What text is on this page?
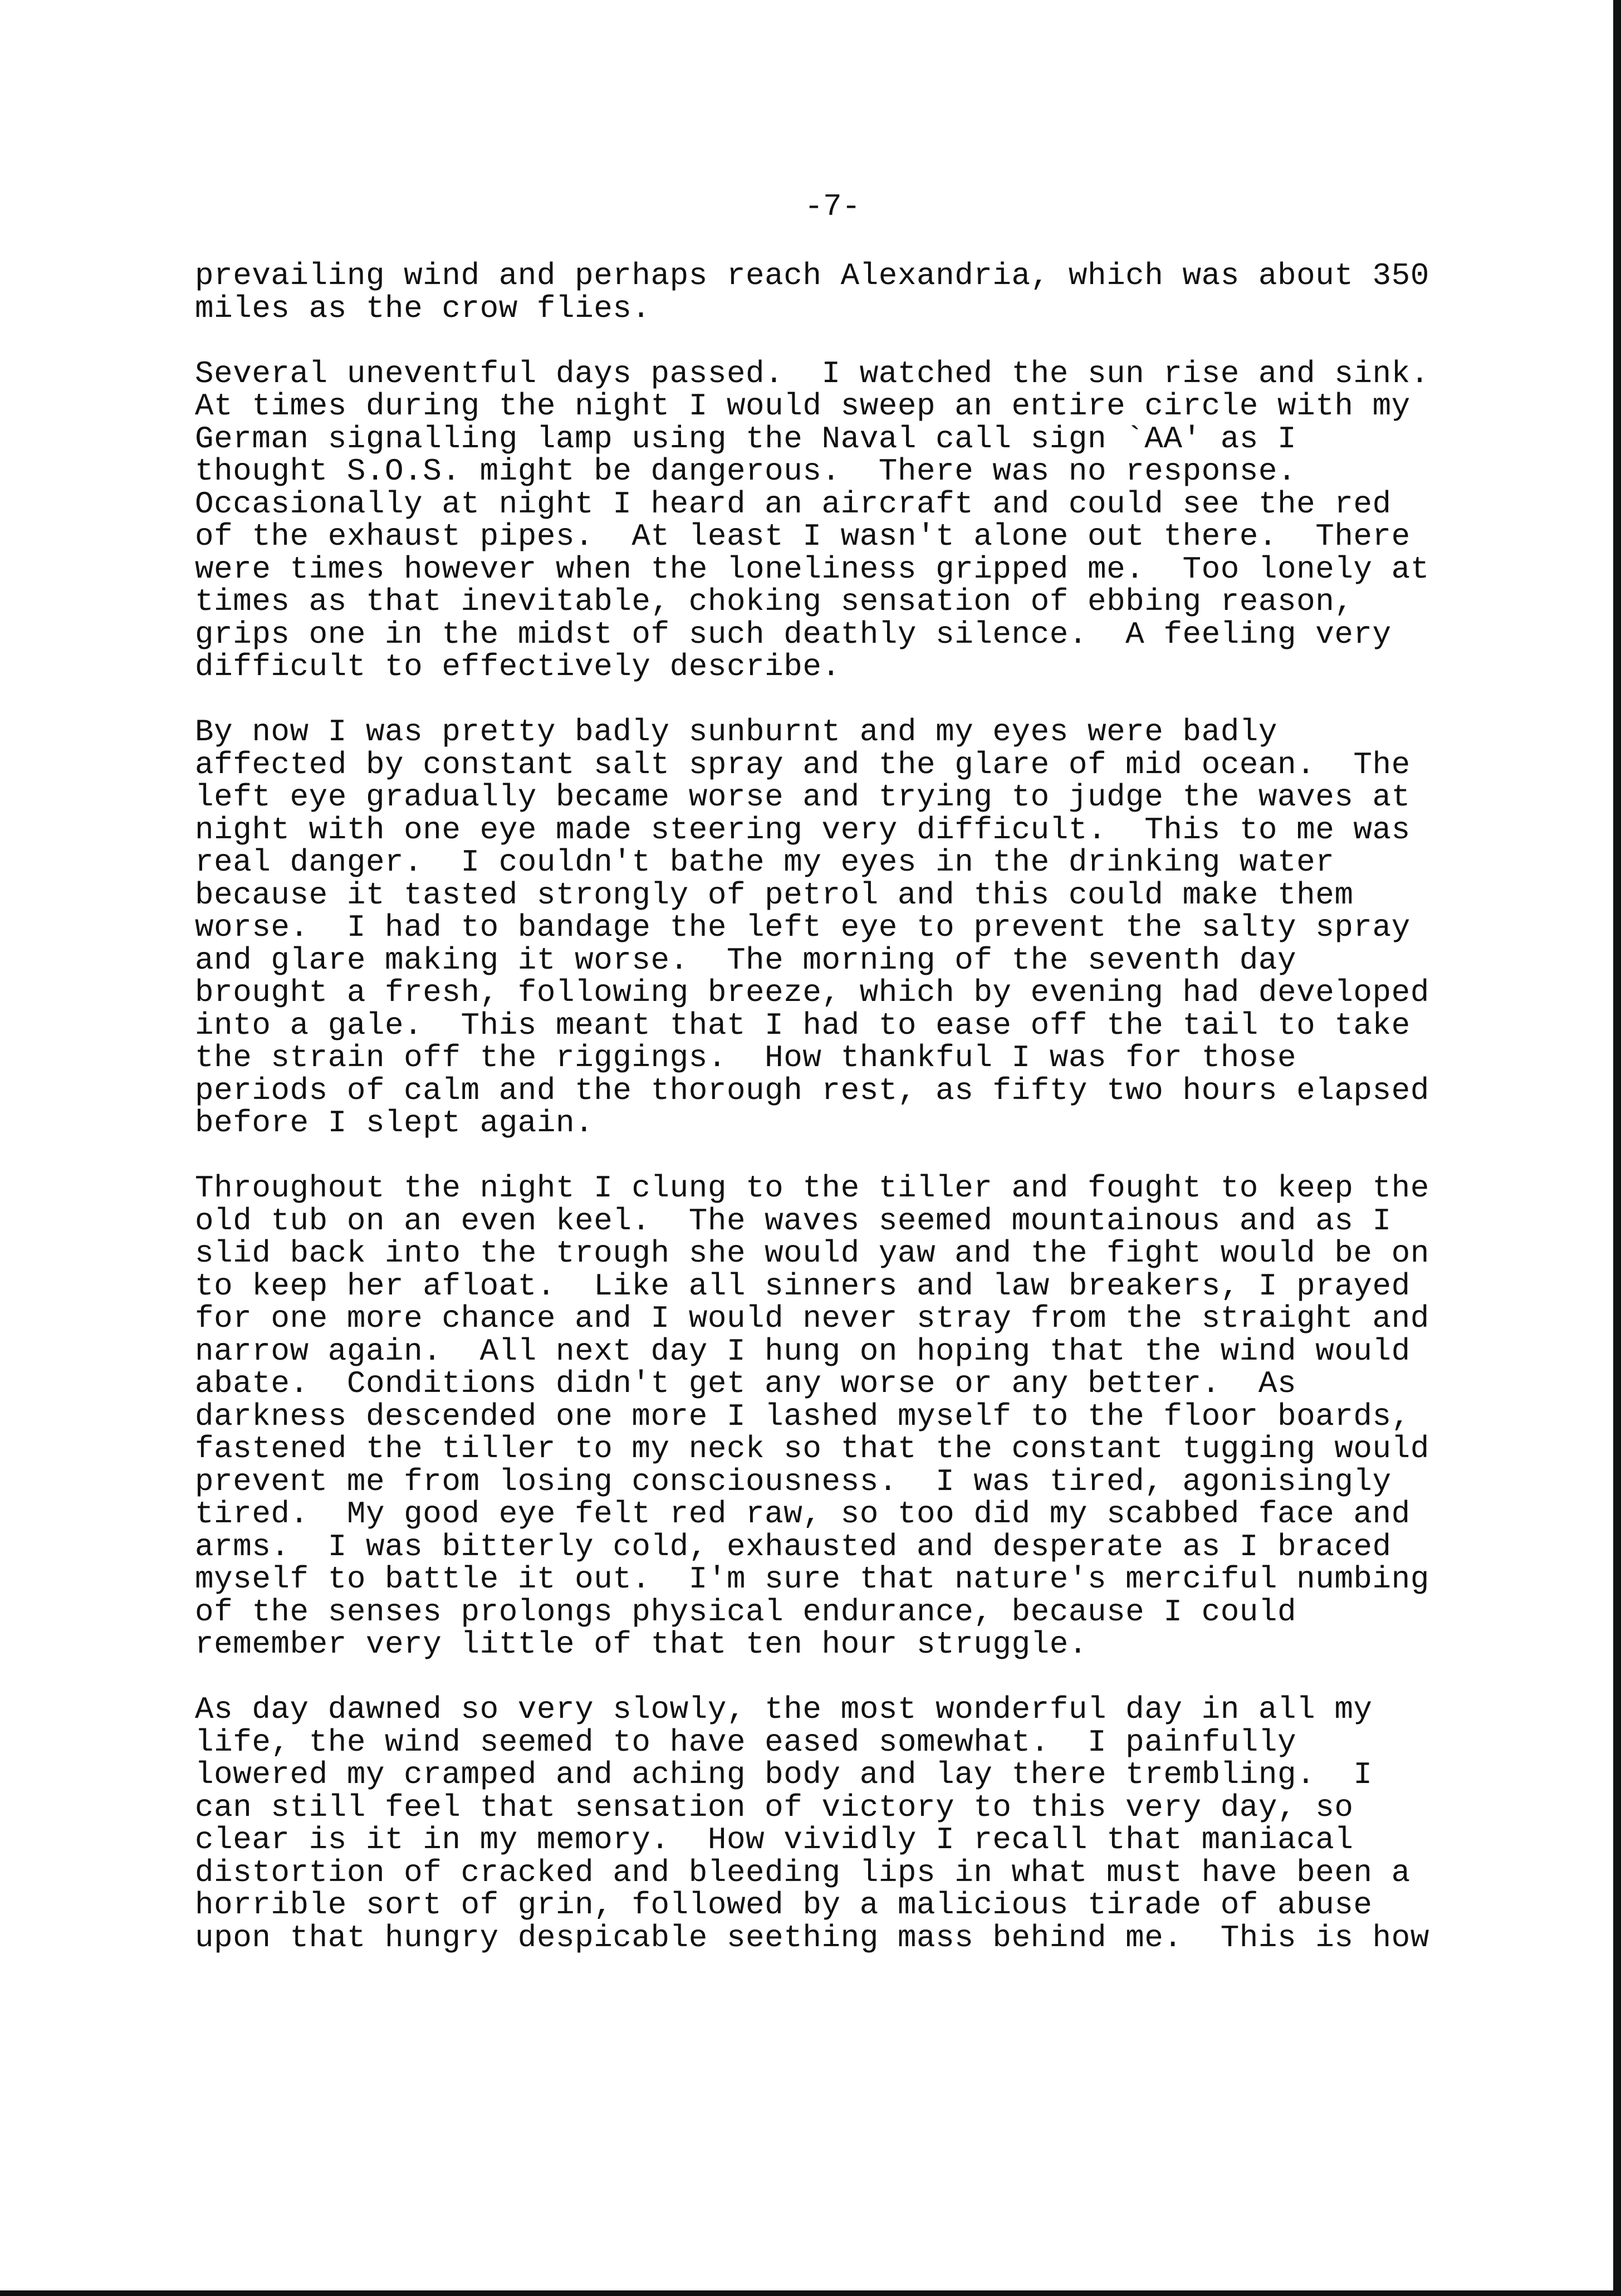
-7-
prevailing wind and perhaps reach Alexandria, which was about 350
miles as the crow flies.
Several uneventful days passed.  I watched the sun rise and sink.
At times during the night I would sweep an entire circle with my
German signalling lamp using the Naval call sign `AA' as I
thought S.O.S. might be dangerous.  There was no response.
Occasionally at night I heard an aircraft and could see the red
of the exhaust pipes.  At least I wasn't alone out there.  There
were times however when the loneliness gripped me.  Too lonely at
times as that inevitable, choking sensation of ebbing reason,
grips one in the midst of such deathly silence.  A feeling very
difficult to effectively describe.
By now I was pretty badly sunburnt and my eyes were badly
affected by constant salt spray and the glare of mid ocean.  The
left eye gradually became worse and trying to judge the waves at
night with one eye made steering very difficult.  This to me was
real danger.  I couldn't bathe my eyes in the drinking water
because it tasted strongly of petrol and this could make them
worse.  I had to bandage the left eye to prevent the salty spray
and glare making it worse.  The morning of the seventh day
brought a fresh, following breeze, which by evening had developed
into a gale.  This meant that I had to ease off the tail to take
the strain off the riggings.  How thankful I was for those
periods of calm and the thorough rest, as fifty two hours elapsed
before I slept again.
Throughout the night I clung to the tiller and fought to keep the
old tub on an even keel.  The waves seemed mountainous and as I
slid back into the trough she would yaw and the fight would be on
to keep her afloat.  Like all sinners and law breakers, I prayed
for one more chance and I would never stray from the straight and
narrow again.  All next day I hung on hoping that the wind would
abate.  Conditions didn't get any worse or any better.  As
darkness descended one more I lashed myself to the floor boards,
fastened the tiller to my neck so that the constant tugging would
prevent me from losing consciousness.  I was tired, agonisingly
tired.  My good eye felt red raw, so too did my scabbed face and
arms.  I was bitterly cold, exhausted and desperate as I braced
myself to battle it out.  I'm sure that nature's merciful numbing
of the senses prolongs physical endurance, because I could
remember very little of that ten hour struggle.
As day dawned so very slowly, the most wonderful day in all my
life, the wind seemed to have eased somewhat.  I painfully
lowered my cramped and aching body and lay there trembling.  I
can still feel that sensation of victory to this very day, so
clear is it in my memory.  How vividly I recall that maniacal
distortion of cracked and bleeding lips in what must have been a
horrible sort of grin, followed by a malicious tirade of abuse
upon that hungry despicable seething mass behind me.  This is how
